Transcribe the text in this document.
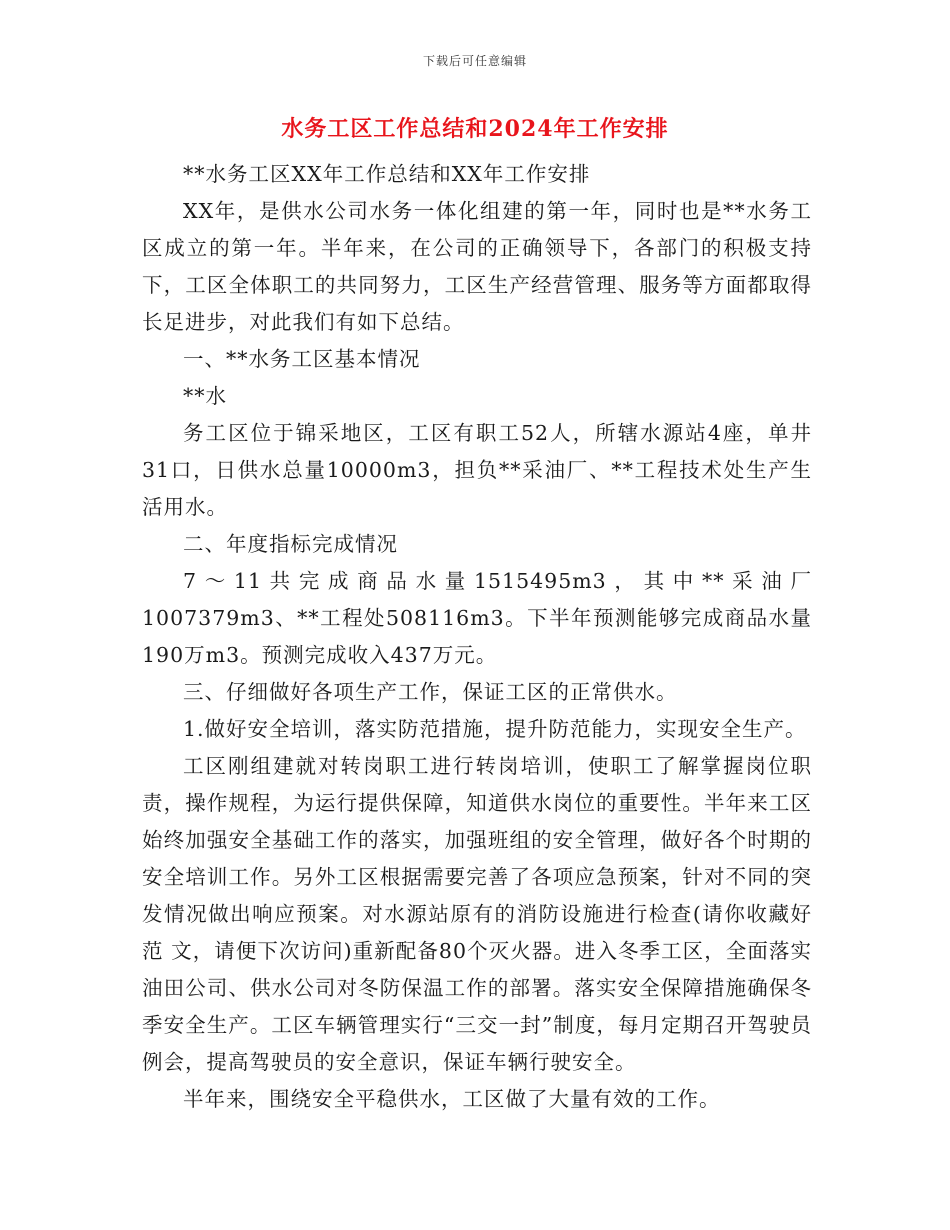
下载后可任意编辑
水务工区工作总结和2024年工作安排

**水务工区XX年工作总结和XX年工作安排

XX年，是供水公司水务一体化组建的第一年，同时也是**水务工区成立的第一年。半年来，在公司的正确领导下，各部门的积极支持下，工区全体职工的共同努力，工区生产经营管理、服务等方面都取得长足进步，对此我们有如下总结。

一、**水务工区基本情况

**水

务工区位于锦采地区，工区有职工52人，所辖水源站4座，单井31口，日供水总量10000m3，担负**采油厂、**工程技术处生产生活用水。

二、年度指标完成情况

7～11共完成商品水量1515495m3，其中**采油厂1007379m3、**工程处508116m3。下半年预测能够完成商品水量190万m3。预测完成收入437万元。

三、仔细做好各项生产工作，保证工区的正常供水。

1.做好安全培训，落实防范措施，提升防范能力，实现安全生产。

工区刚组建就对转岗职工进行转岗培训，使职工了解掌握岗位职责，操作规程，为运行提供保障，知道供水岗位的重要性。半年来工区始终加强安全基础工作的落实，加强班组的安全管理，做好各个时期的安全培训工作。另外工区根据需要完善了各项应急预案，针对不同的突发情况做出响应预案。对水源站原有的消防设施进行检查(请你收藏好 范 文，请便下次访问)重新配备80个灭火器。进入冬季工区，全面落实油田公司、供水公司对冬防保温工作的部署。落实安全保障措施确保冬季安全生产。工区车辆管理实行“三交一封”制度，每月定期召开驾驶员例会，提高驾驶员的安全意识，保证车辆行驶安全。

半年来，围绕安全平稳供水，工区做了大量有效的工作。
